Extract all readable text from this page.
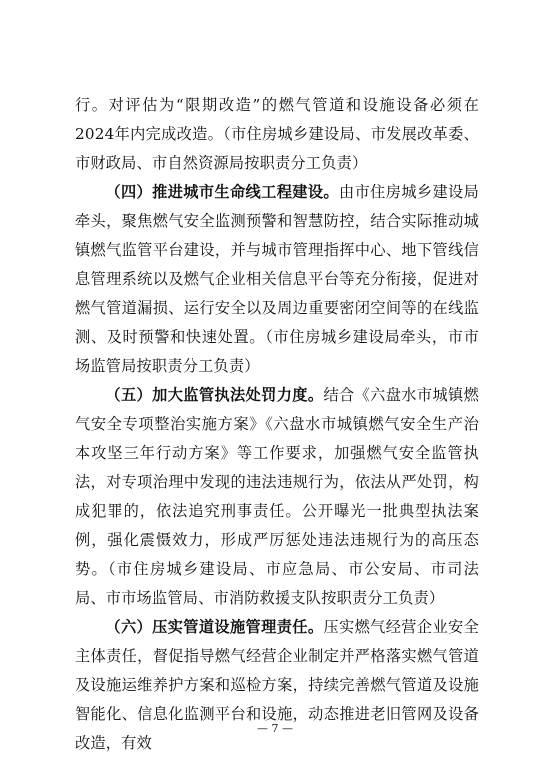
行。对评估为“限期改造”的燃气管道和设施设备必须在2024年内完成改造。（市住房城乡建设局、市发展改革委、市财政局、市自然资源局按职责分工负责）

（四）推进城市生命线工程建设。由市住房城乡建设局牵头，聚焦燃气安全监测预警和智慧防控，结合实际推动城镇燃气监管平台建设，并与城市管理指挥中心、地下管线信息管理系统以及燃气企业相关信息平台等充分衔接，促进对燃气管道漏损、运行安全以及周边重要密闭空间等的在线监测、及时预警和快速处置。（市住房城乡建设局牵头，市市场监管局按职责分工负责）

（五）加大监管执法处罚力度。结合《六盘水市城镇燃气安全专项整治实施方案》《六盘水市城镇燃气安全生产治本攻坚三年行动方案》等工作要求，加强燃气安全监管执法，对专项治理中发现的违法违规行为，依法从严处罚，构成犯罪的，依法追究刑事责任。公开曝光一批典型执法案例，强化震慑效力，形成严厉惩处违法违规行为的高压态势。（市住房城乡建设局、市应急局、市公安局、市司法局、市市场监管局、市消防救援支队按职责分工负责）

（六）压实管道设施管理责任。压实燃气经营企业安全主体责任，督促指导燃气经营企业制定并严格落实燃气管道及设施运维养护方案和巡检方案，持续完善燃气管道及设施智能化、信息化监测平台和设施，动态推进老旧管网及设备改造，有效

— 7 —
